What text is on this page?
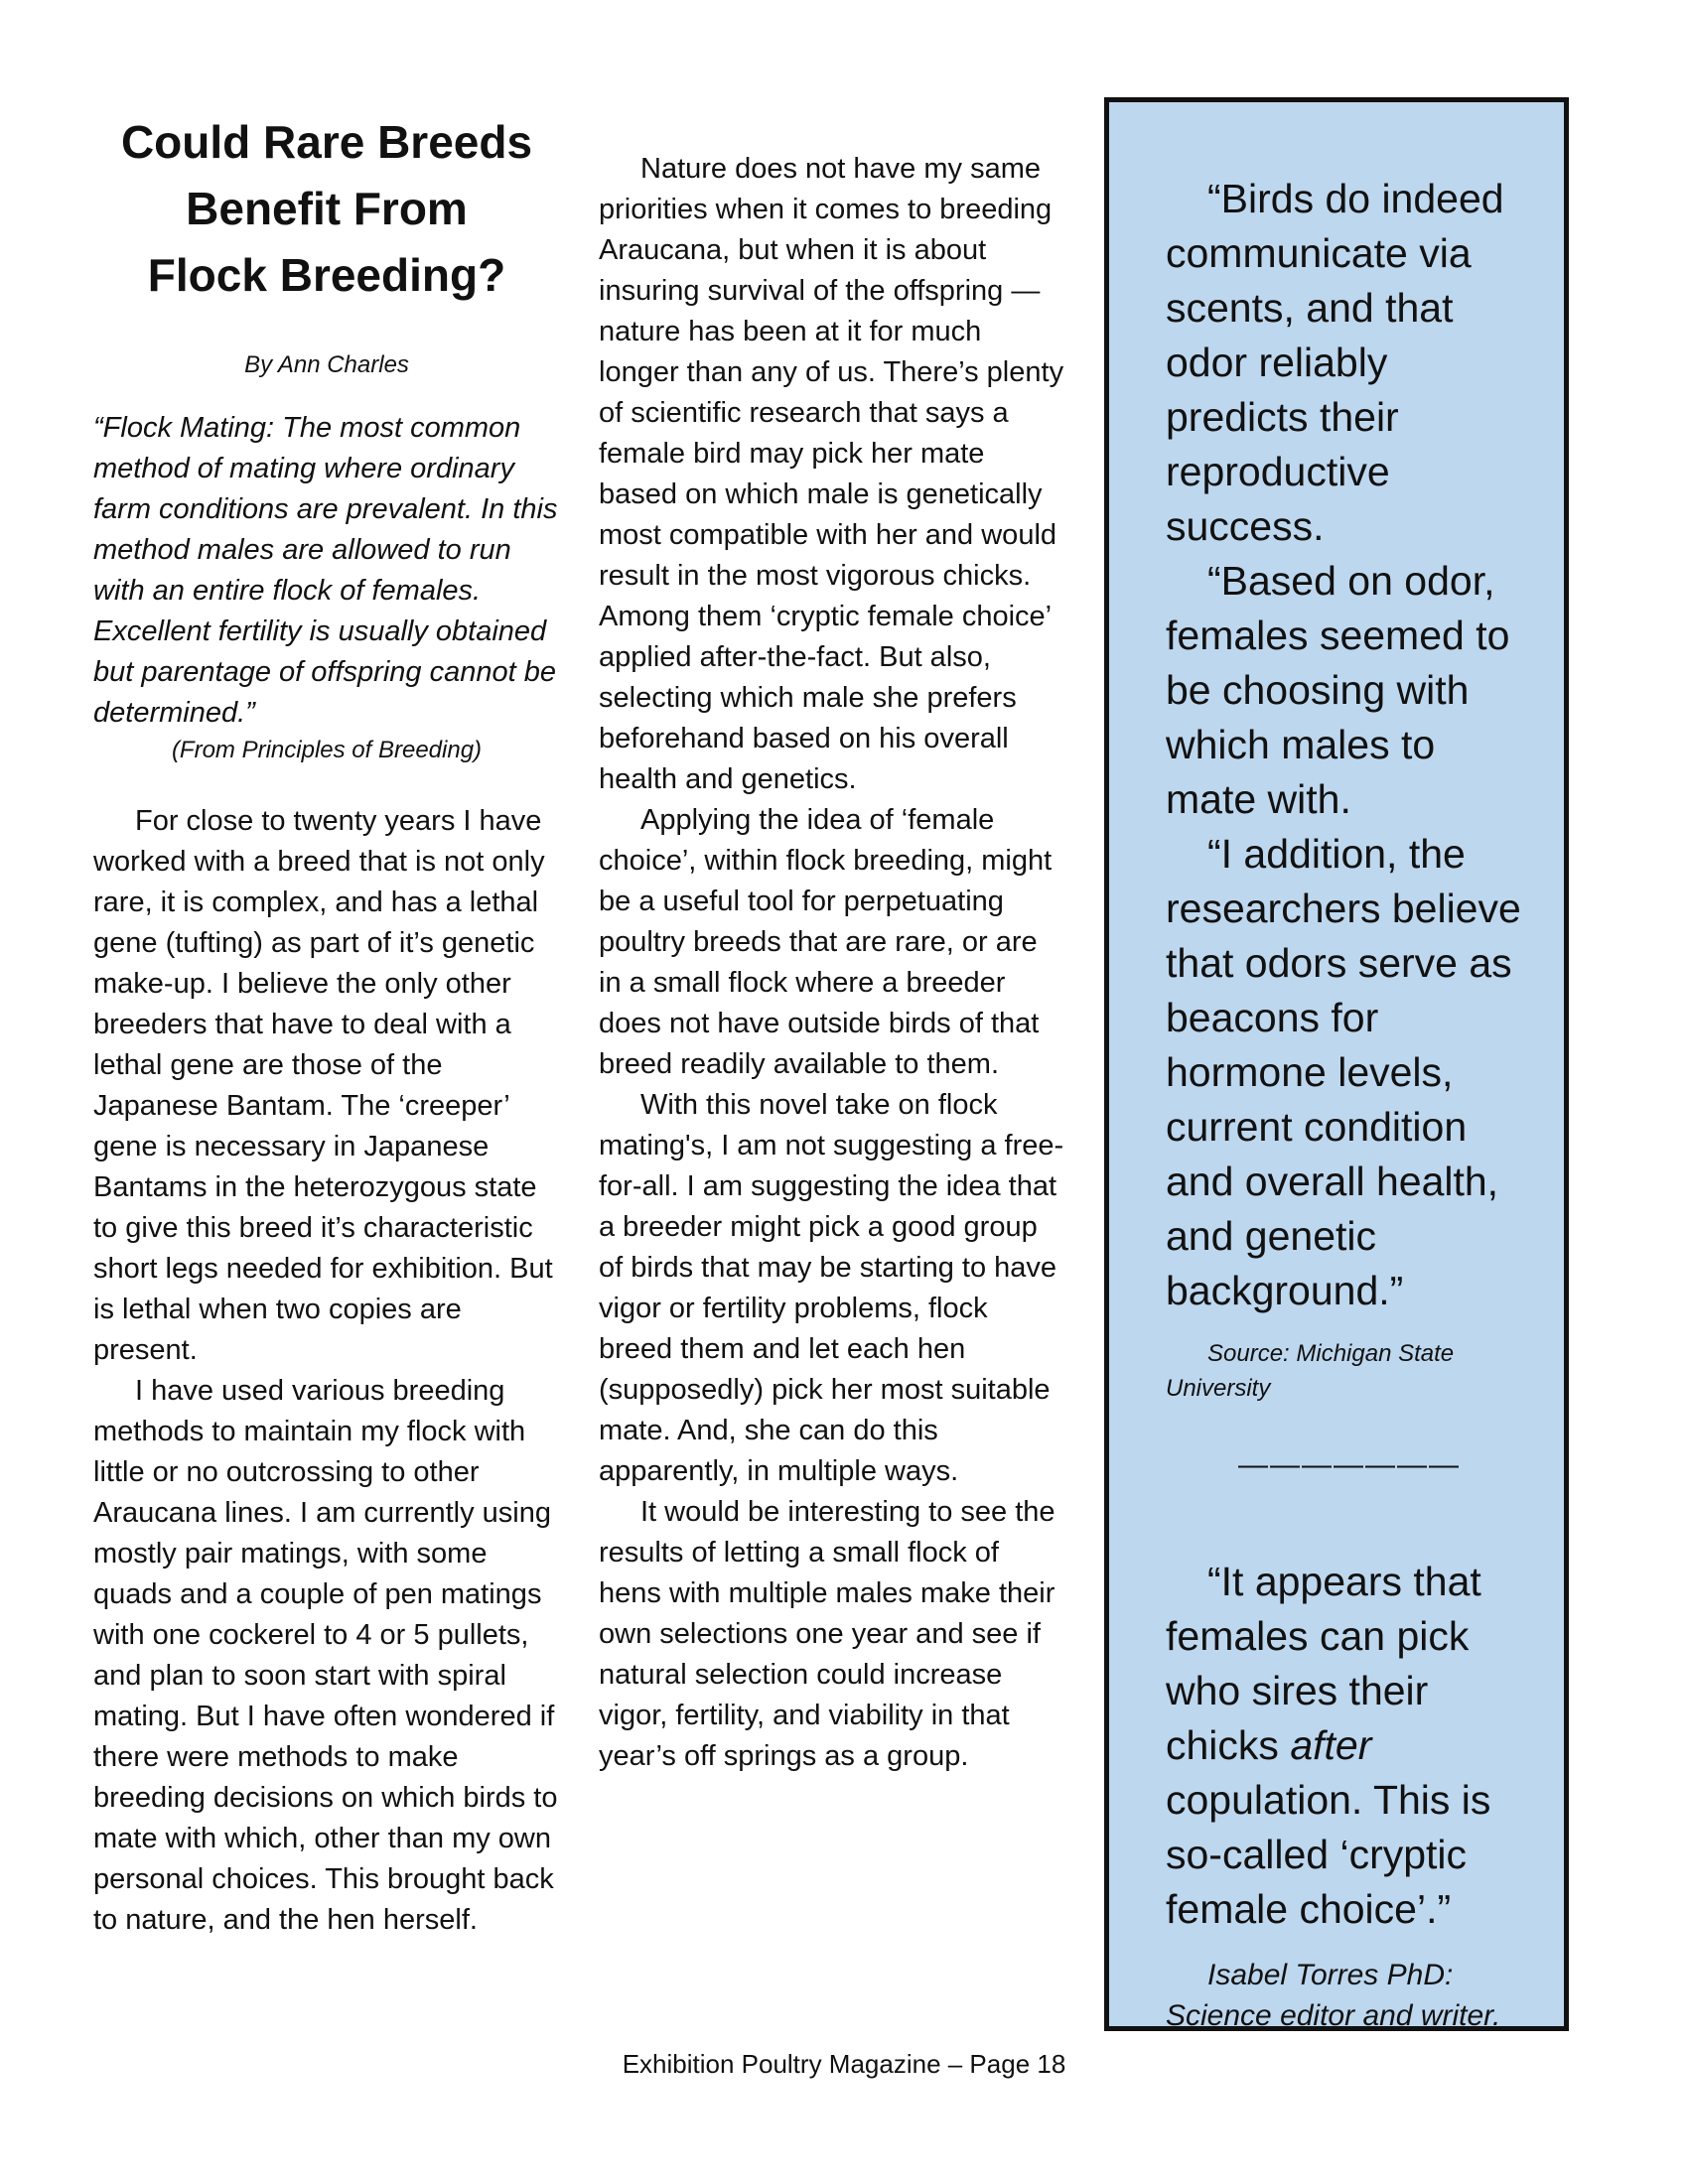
Could Rare Breeds
Benefit From
Flock Breeding?
By Ann Charles
“Flock Mating: The most common method of mating where ordinary farm conditions are prevalent. In this method males are allowed to run with an entire flock of females. Excellent fertility is usually obtained but parentage of offspring cannot be determined.”
(From Principles of Breeding)

For close to twenty years I have worked with a breed that is not only rare, it is complex, and has a lethal gene (tufting) as part of it’s genetic make-up. I believe the only other breeders that have to deal with a lethal gene are those of the Japanese Bantam. The ‘creeper’ gene is necessary in Japanese Bantams in the heterozygous state to give this breed it’s characteristic short legs needed for exhibition. But is lethal when two copies are present.

I have used various breeding methods to maintain my flock with little or no outcrossing to other Araucana lines. I am currently using mostly pair matings, with some quads and a couple of pen matings with one cockerel to 4 or 5 pullets, and plan to soon start with spiral mating. But I have often wondered if there were methods to make breeding decisions on which birds to mate with which, other than my own personal choices. This brought back to nature, and the hen herself.

Nature does not have my same priorities when it comes to breeding Araucana, but when it is about insuring survival of the offspring — nature has been at it for much longer than any of us. There’s plenty of scientific research that says a female bird may pick her mate based on which male is genetically most compatible with her and would result in the most vigorous chicks. Among them ‘cryptic female choice’ applied after-the-fact. But also, selecting which male she prefers beforehand based on his overall health and genetics.

Applying the idea of ‘female choice’, within flock breeding, might be a useful tool for perpetuating poultry breeds that are rare, or are in a small flock where a breeder does not have outside birds of that breed readily available to them.

With this novel take on flock mating's, I am not suggesting a free-for-all. I am suggesting the idea that a breeder might pick a good group of birds that may be starting to have vigor or fertility problems, flock breed them and let each hen (supposedly) pick her most suitable mate. And, she can do this apparently, in multiple ways.

It would be interesting to see the results of letting a small flock of hens with multiple males make their own selections one year and see if natural selection could increase vigor, fertility, and viability in that year’s off springs as a group.

“Birds do indeed communicate via scents, and that odor reliably predicts their reproductive success.

“Based on odor, females seemed to be choosing with which males to mate with.

“I addition, the researchers believe that odors serve as beacons for hormone levels, current condition and overall health, and genetic background.”

Source: Michigan State University
———————

“It appears that females can pick who sires their chicks after copulation. This is so-called ‘cryptic female choice’.”

Isabel Torres PhD: Science editor and writer.
Exhibition Poultry Magazine – Page 18
